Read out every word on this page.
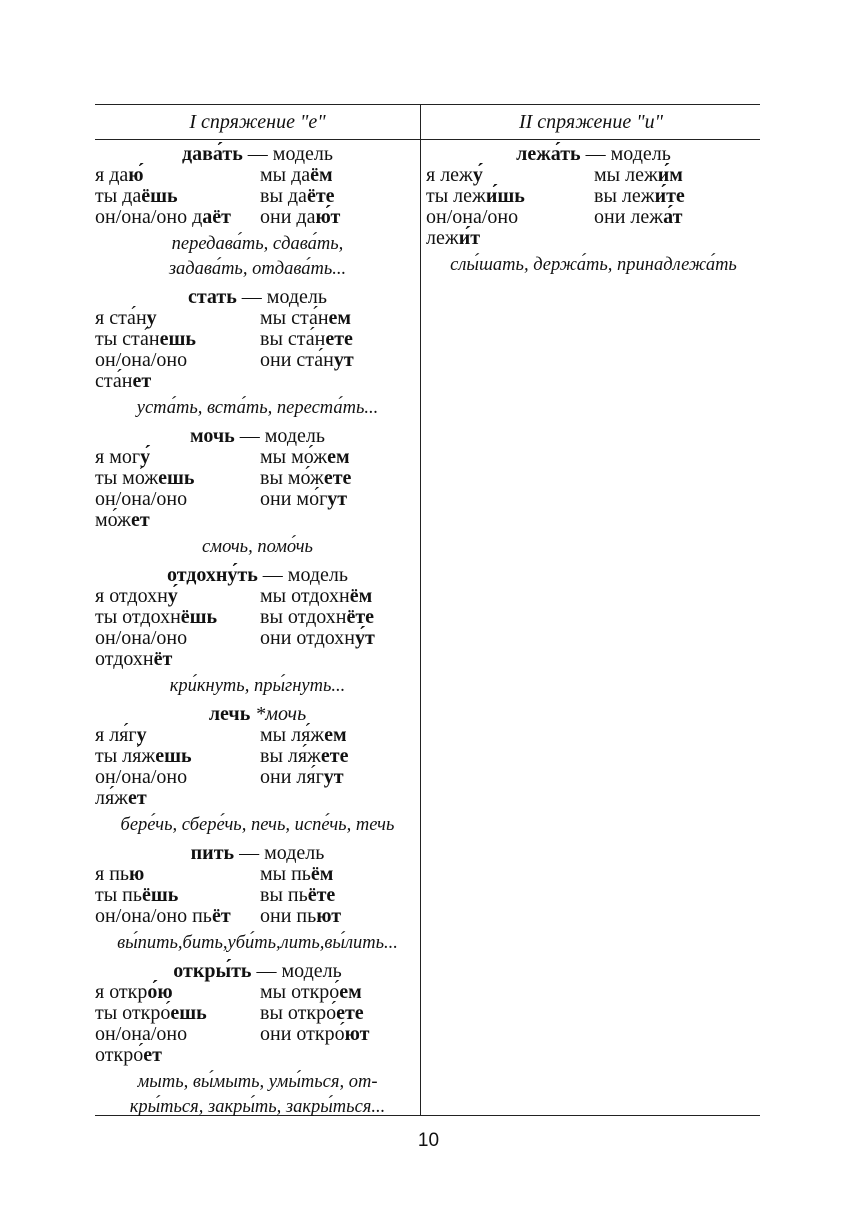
I спряжение "е"	II спряжение "и"
дава́ть — модель
я даю́	мы даём
ты даёшь	вы даёте
он/она/оно даёт	они даю́т
передава́ть, сдава́ть,
задава́ть, отдава́ть...
стать — модель
я ста́ну	мы ста́нем
ты ста́нешь	вы ста́нете
он/она/оно	они ста́нут
ста́нет
уста́ть, вста́ть, переста́ть...
мочь — модель
я могу́	мы мо́жем
ты мо́жешь	вы мо́жете
он/она/оно	они мо́гут
мо́жет
смочь, помо́чь
отдохну́ть — модель
я отдохну́	мы отдохнём
ты отдохнёшь	вы отдохнёте
он/она/оно	они отдохну́т
отдохнёт
кри́кнуть, пры́гнуть...
лечь *мочь
я ля́гу	мы ля́жем
ты ля́жешь	вы ля́жете
он/она/оно	они ля́гут
ля́жет
бере́чь, сбере́чь, печь, испе́чь, течь
пить — модель
я пью	мы пьём
ты пьёшь	вы пьёте
он/она/оно пьёт	они пьют
вы́пить,бить,уби́ть,лить,вы́лить...
откры́ть — модель
я откро́ю	мы откро́ем
ты откро́ешь	вы откро́ете
он/она/оно	они откро́ют
откро́ет
мыть, вы́мыть, умы́ться, от-
кры́ться, закры́ть, закры́ться...
лежа́ть — модель
я лежу́	мы лежи́м
ты лежи́шь	вы лежи́те
он/она/оно	они лежа́т
лежи́т
слы́шать, держа́ть, принадлежа́ть
10
